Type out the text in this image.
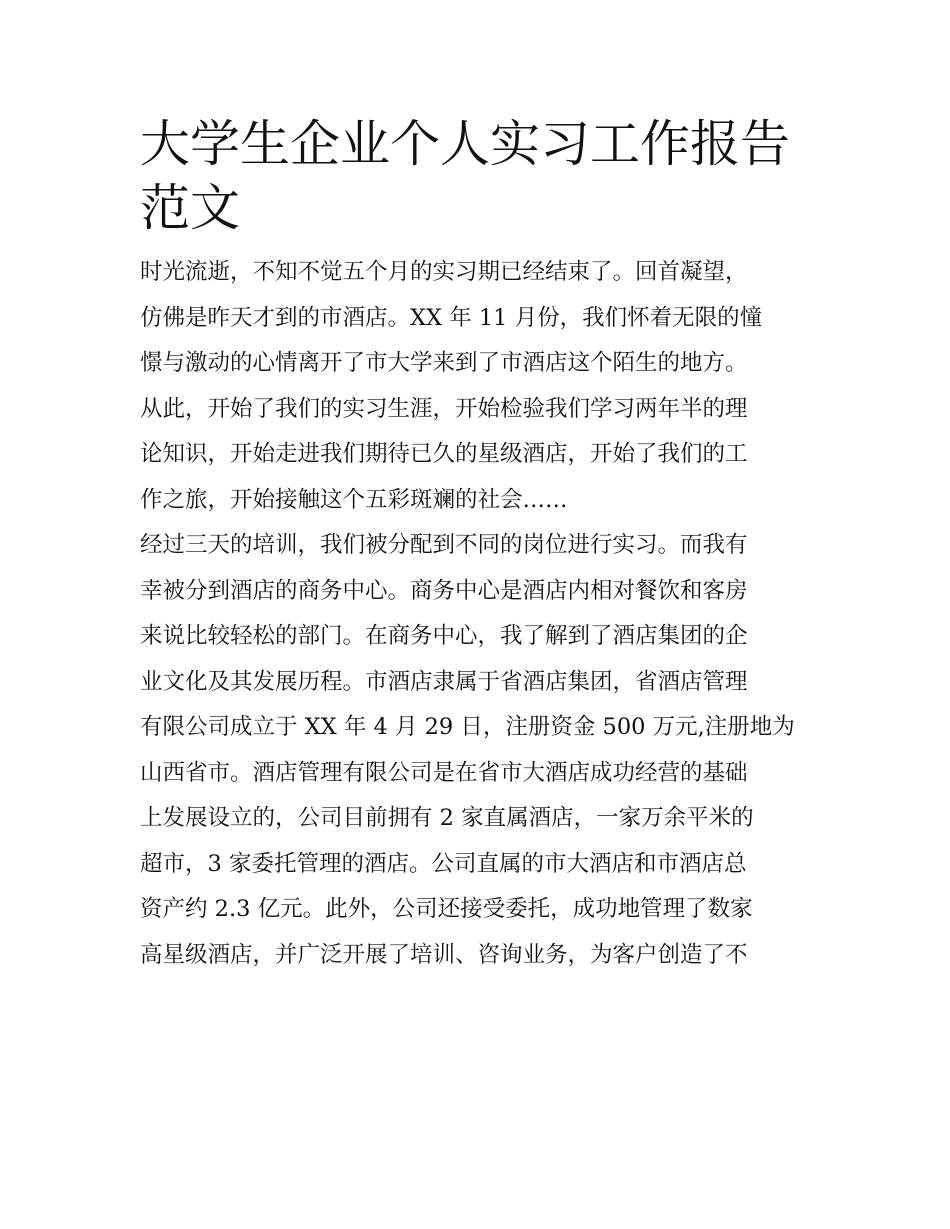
大学生企业个人实习工作报告
范文
时光流逝，不知不觉五个月的实习期已经结束了。回首凝望，
仿佛是昨天才到的市酒店。XX 年 11 月份，我们怀着无限的憧
憬与激动的心情离开了市大学来到了市酒店这个陌生的地方。
从此，开始了我们的实习生涯，开始检验我们学习两年半的理
论知识，开始走进我们期待已久的星级酒店，开始了我们的工
作之旅，开始接触这个五彩斑斓的社会……
经过三天的培训，我们被分配到不同的岗位进行实习。而我有
幸被分到酒店的商务中心。商务中心是酒店内相对餐饮和客房
来说比较轻松的部门。在商务中心，我了解到了酒店集团的企
业文化及其发展历程。市酒店隶属于省酒店集团，省酒店管理
有限公司成立于 XX 年 4 月 29 日，注册资金 500 万元,注册地为
山西省市。酒店管理有限公司是在省市大酒店成功经营的基础
上发展设立的，公司目前拥有 2 家直属酒店，一家万余平米的
超市，3 家委托管理的酒店。公司直属的市大酒店和市酒店总
资产约 2.3 亿元。此外，公司还接受委托，成功地管理了数家
高星级酒店，并广泛开展了培训、咨询业务，为客户创造了不
